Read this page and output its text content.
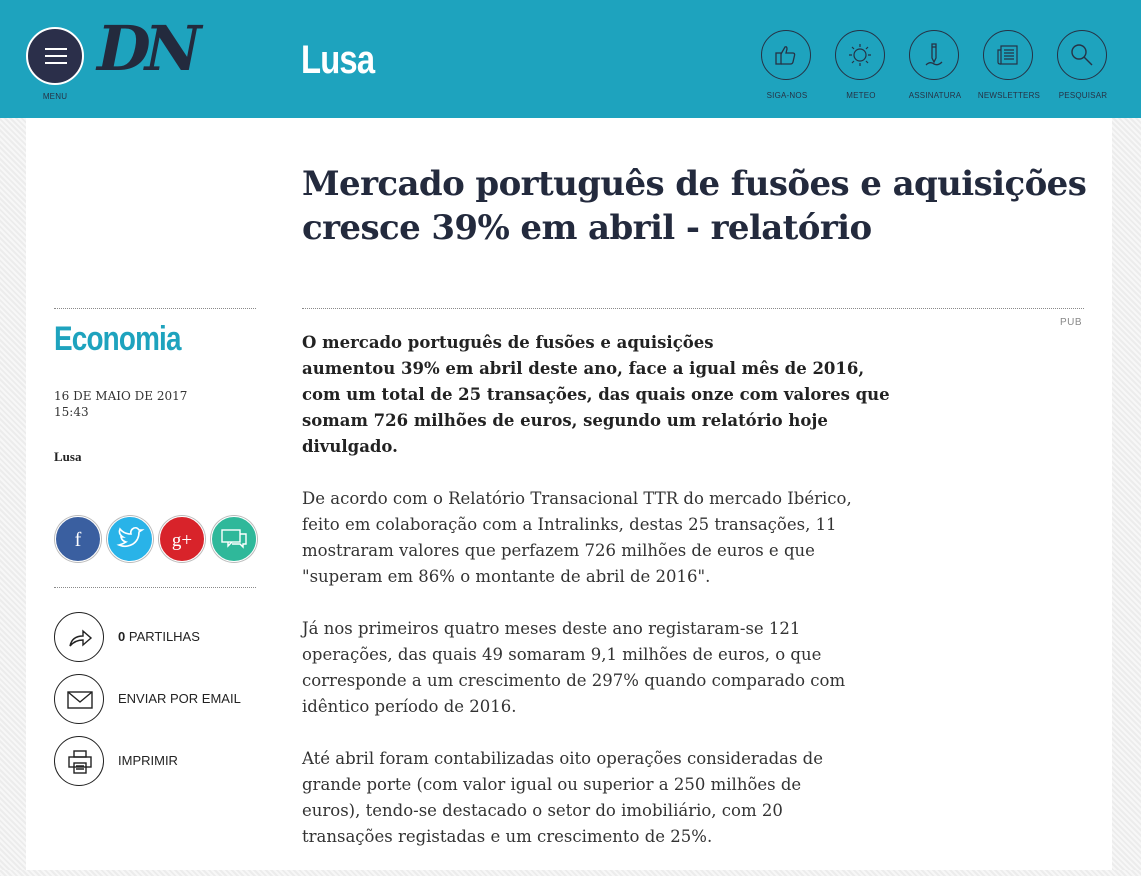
MENU
DN	Lusa
SIGA-NOS	METEO	ASSINATURA	NEWSLETTERS	PESQUISAR
Mercado português de fusões e aquisições
cresce 39% em abril - relatório
PUB
Economia
16 DE MAIO DE 2017
15:43
Lusa
f	g+
0 PARTILHAS
ENVIAR POR EMAIL
IMPRIMIR

O mercado português de fusões e aquisições
aumentou 39% em abril deste ano, face a igual mês de 2016,
com um total de 25 transações, das quais onze com valores que
somam 726 milhões de euros, segundo um relatório hoje
divulgado.

De acordo com o Relatório Transacional TTR do mercado Ibérico,
feito em colaboração com a Intralinks, destas 25 transações, 11
mostraram valores que perfazem 726 milhões de euros e que
"superam em 86% o montante de abril de 2016".

Já nos primeiros quatro meses deste ano registaram-se 121
operações, das quais 49 somaram 9,1 milhões de euros, o que
corresponde a um crescimento de 297% quando comparado com
idêntico período de 2016.

Até abril foram contabilizadas oito operações consideradas de
grande porte (com valor igual ou superior a 250 milhões de
euros), tendo-se destacado o setor do imobiliário, com 20
transações registadas e um crescimento de 25%.
